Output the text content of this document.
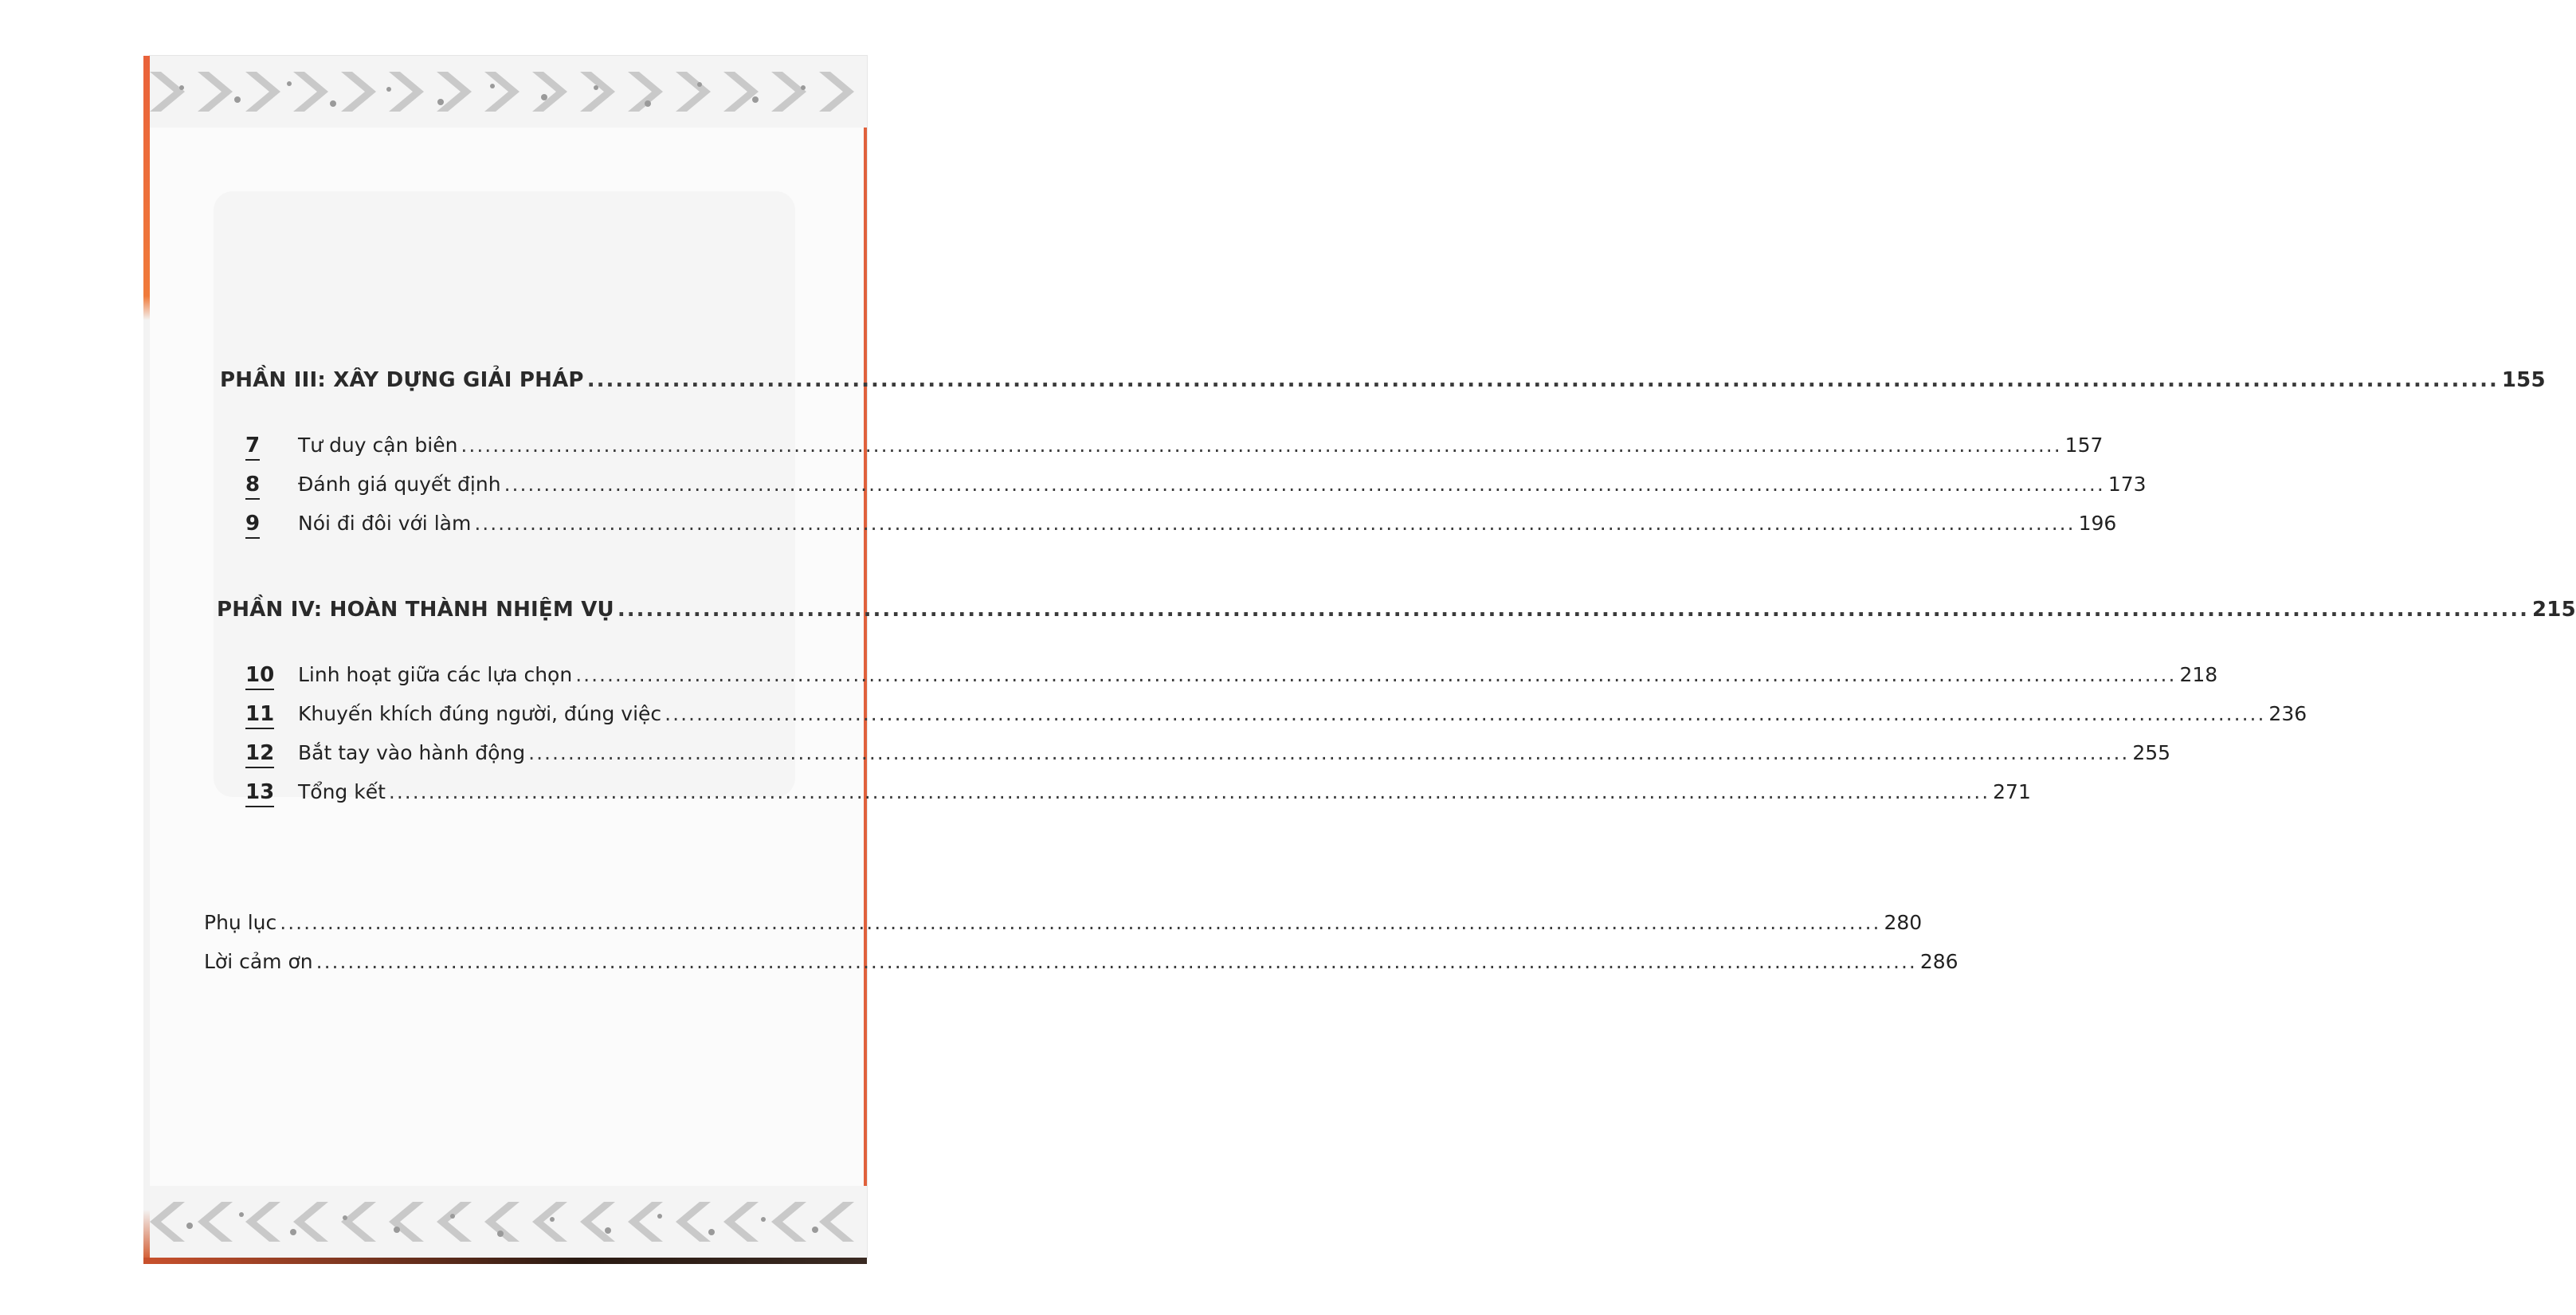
PHẦN III: XÂY DỰNG GIẢI PHÁP .....	155
7	Tư duy cận biên .....	157
8	Đánh giá quyết định .....	173
9	Nói đi đôi với làm .....	196
PHẦN IV: HOÀN THÀNH NHIỆM VỤ .....	215
10 Linh hoạt giữa các lựa chọn .....	218
11 Khuyến khích đúng người, đúng việc .....	236
12 Bắt tay vào hành động .....	255
13 Tổng kết .....	271
Phụ lục .....	280
Lời cảm ơn .....	286
